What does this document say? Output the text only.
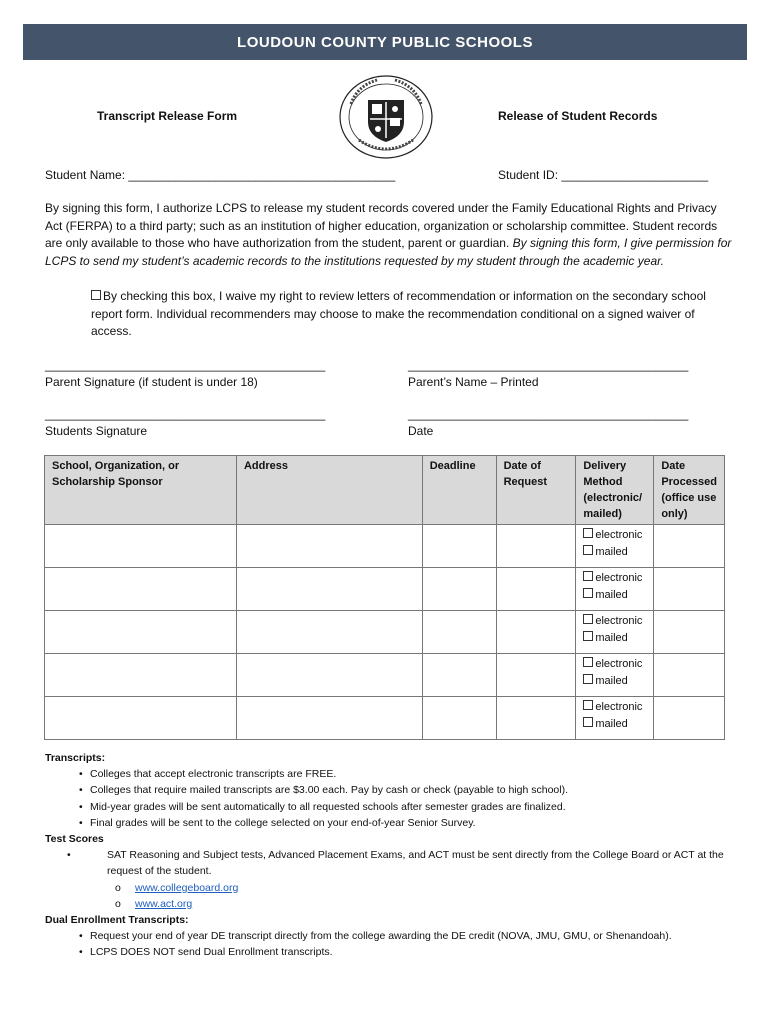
LOUDOUN COUNTY PUBLIC SCHOOLS
Transcript Release Form	Release of Student Records
Student Name: ________________________________________	Student ID: ______________________

By signing this form, I authorize LCPS to release my student records covered under the Family Educational Rights and Privacy Act (FERPA) to a third party; such as an institution of higher education, organization or scholarship committee. Student records are only available to those who have authorization from the student, parent or guardian. By signing this form, I give permission for LCPS to send my student’s academic records to the institutions requested by my student through the academic year.

By checking this box, I waive my right to review letters of recommendation or information on the secondary school report form. Individual recommenders may choose to make the recommendation conditional on a signed waiver of access.
__________________________________________
Parent Signature (if student is under 18)
__________________________________________
Parent’s Name – Printed
__________________________________________
Students Signature
__________________________________________
Date
School, Organization, or Scholarship Sponsor	Address	Deadline	Date of Request	Delivery Method (electronic/ mailed)	Date Processed (office use only)

				electronic
mailed	

				electronic
mailed	

				electronic
mailed	

				electronic
mailed	

				electronic
mailed	

Transcripts:
• Colleges that accept electronic transcripts are FREE.
• Colleges that require mailed transcripts are $3.00 each. Pay by cash or check (payable to high school).
• Mid-year grades will be sent automatically to all requested schools after semester grades are finalized.
• Final grades will be sent to the college selected on your end-of-year Senior Survey.
Test Scores
• SAT Reasoning and Subject tests, Advanced Placement Exams, and ACT must be sent directly from the College Board or ACT at the request of the student.
o www.collegeboard.org
o www.act.org
Dual Enrollment Transcripts:
• Request your end of year DE transcript directly from the college awarding the DE credit (NOVA, JMU, GMU, or Shenandoah).
• LCPS DOES NOT send Dual Enrollment transcripts.
